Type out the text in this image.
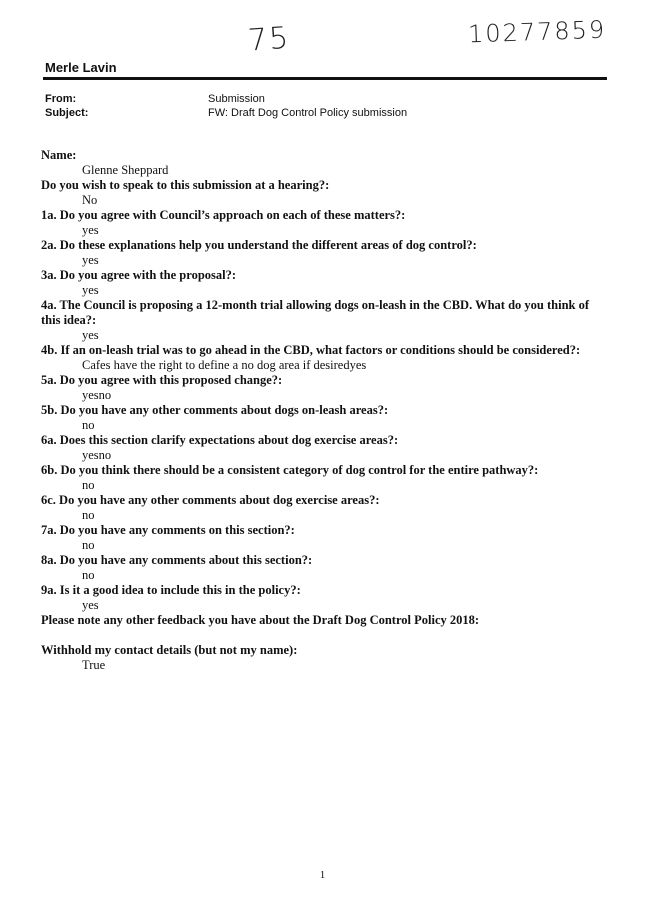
75	10277859
Merle Lavin
From:	Submission
Subject:	FW: Draft Dog Control Policy submission

Name:

Glenne Sheppard

Do you wish to speak to this submission at a hearing?:

No

1a. Do you agree with Council’s approach on each of these matters?:

yes

2a. Do these explanations help you understand the different areas of dog control?:

yes

3a. Do you agree with the proposal?:

yes

4a. The Council is proposing a 12-month trial allowing dogs on-leash in the CBD. What do you think of this idea?:

yes

4b. If an on-leash trial was to go ahead in the CBD, what factors or conditions should be considered?:

Cafes have the right to define a no dog area if desiredyes

5a. Do you agree with this proposed change?:

yesno

5b. Do you have any other comments about dogs on-leash areas?:

no

6a. Does this section clarify expectations about dog exercise areas?:

yesno

6b. Do you think there should be a consistent category of dog control for the entire pathway?:

no

6c. Do you have any other comments about dog exercise areas?:

no

7a. Do you have any comments on this section?:

no

8a. Do you have any comments about this section?:

no

9a. Is it a good idea to include this in the policy?:

yes

Please note any other feedback you have about the Draft Dog Control Policy 2018:

Withhold my contact details (but not my name):

True

1
